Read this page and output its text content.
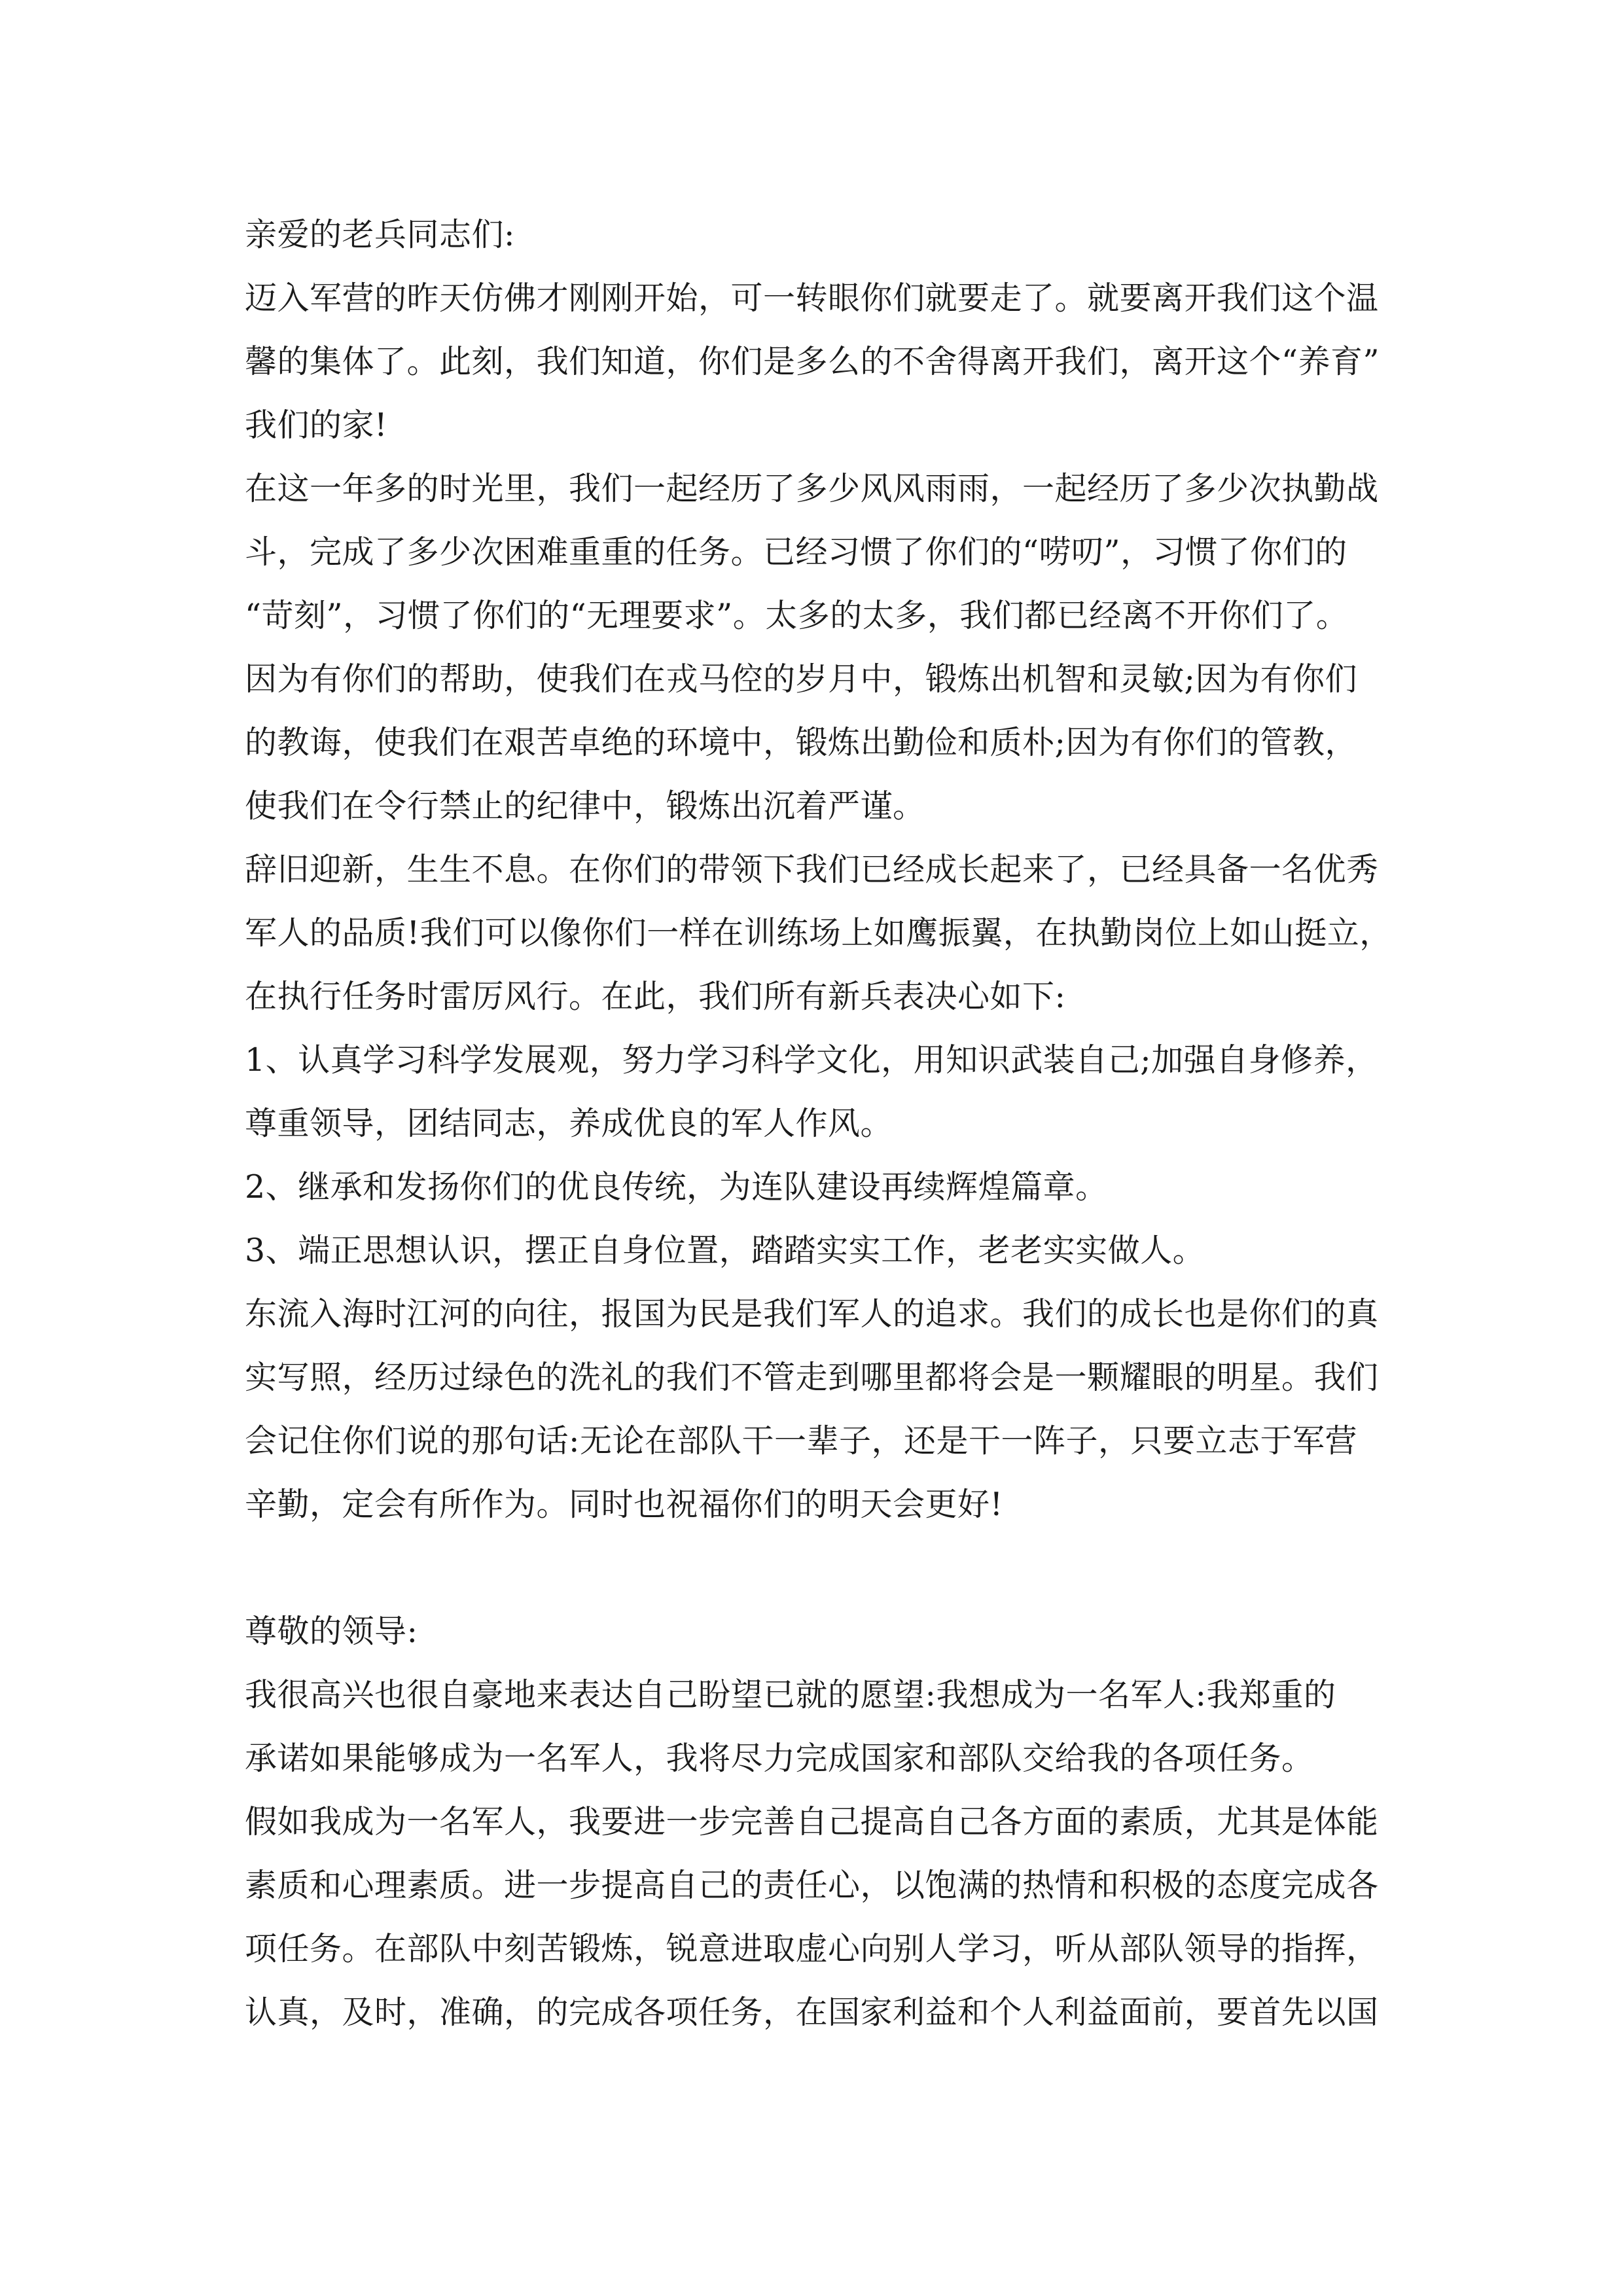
亲爱的老兵同志们:

迈入军营的昨天仿佛才刚刚开始，可一转眼你们就要走了。就要离开我们这个温

馨的集体了。此刻，我们知道，你们是多么的不舍得离开我们，离开这个“养育”

我们的家!

在这一年多的时光里，我们一起经历了多少风风雨雨，一起经历了多少次执勤战

斗，完成了多少次困难重重的任务。已经习惯了你们的“唠叨”，习惯了你们的

“苛刻”，习惯了你们的“无理要求”。太多的太多，我们都已经离不开你们了。

因为有你们的帮助，使我们在戎马倥的岁月中，锻炼出机智和灵敏;因为有你们

的教诲，使我们在艰苦卓绝的环境中，锻炼出勤俭和质朴;因为有你们的管教，

使我们在令行禁止的纪律中，锻炼出沉着严谨。

辞旧迎新，生生不息。在你们的带领下我们已经成长起来了，已经具备一名优秀

军人的品质!我们可以像你们一样在训练场上如鹰振翼，在执勤岗位上如山挺立，

在执行任务时雷厉风行。在此，我们所有新兵表决心如下:

1、认真学习科学发展观，努力学习科学文化，用知识武装自己;加强自身修养，

尊重领导，团结同志，养成优良的军人作风。

2、继承和发扬你们的优良传统，为连队建设再续辉煌篇章。

3、端正思想认识，摆正自身位置，踏踏实实工作，老老实实做人。

东流入海时江河的向往，报国为民是我们军人的追求。我们的成长也是你们的真

实写照，经历过绿色的洗礼的我们不管走到哪里都将会是一颗耀眼的明星。我们

会记住你们说的那句话:无论在部队干一辈子，还是干一阵子，只要立志于军营

辛勤，定会有所作为。同时也祝福你们的明天会更好!

尊敬的领导:

我很高兴也很自豪地来表达自己盼望已就的愿望:我想成为一名军人:我郑重的

承诺如果能够成为一名军人，我将尽力完成国家和部队交给我的各项任务。

假如我成为一名军人，我要进一步完善自己提高自己各方面的素质，尤其是体能

素质和心理素质。进一步提高自己的责任心，以饱满的热情和积极的态度完成各

项任务。在部队中刻苦锻炼，锐意进取虚心向别人学习，听从部队领导的指挥，

认真，及时，准确，的完成各项任务，在国家利益和个人利益面前，要首先以国
